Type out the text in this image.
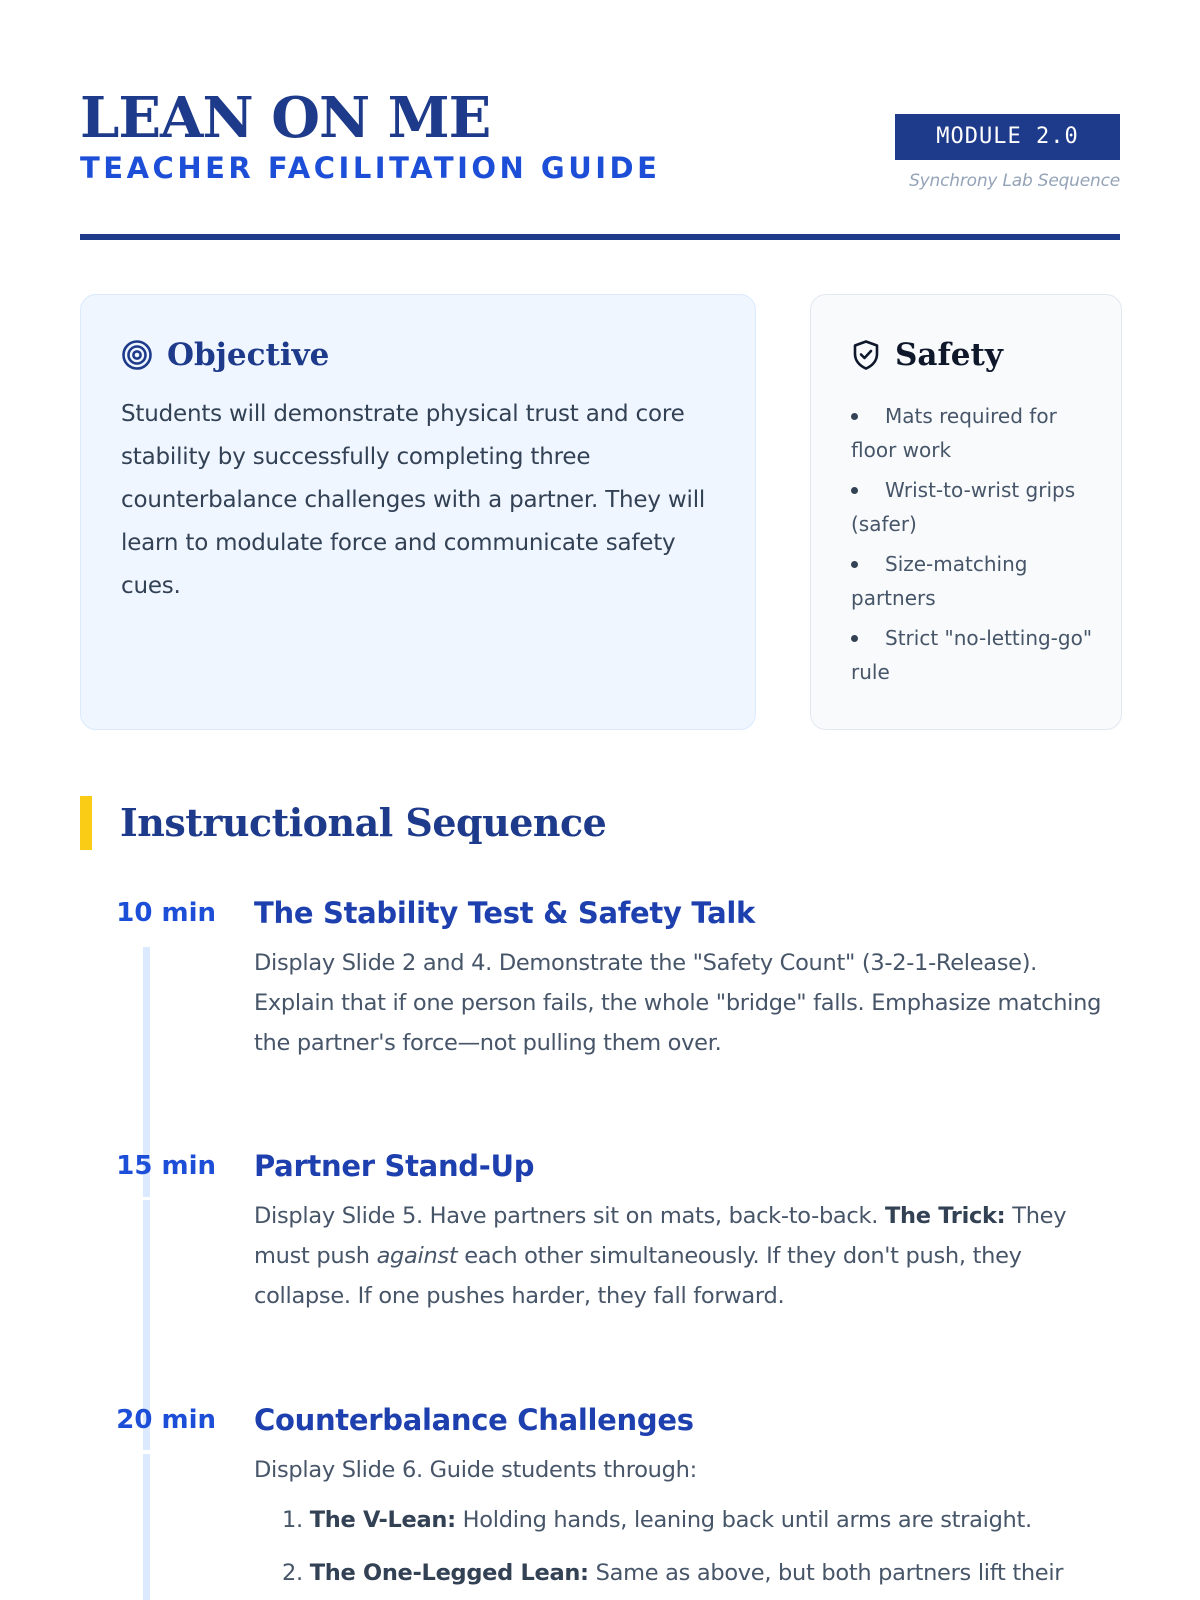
LEAN ON ME
TEACHER FACILITATION GUIDE
MODULE 2.0
Synchrony Lab Sequence
Objective
Students will demonstrate physical trust and core stability by successfully completing three counterbalance challenges with a partner. They will learn to modulate force and communicate safety cues.
Safety
Mats required for floor work
Wrist-to-wrist grips (safer)
Size-matching partners
Strict "no-letting-go" rule
Instructional Sequence
10 min The Stability Test & Safety Talk
Display Slide 2 and 4. Demonstrate the "Safety Count" (3-2-1-Release). Explain that if one person fails, the whole "bridge" falls. Emphasize matching the partner's force—not pulling them over.
15 min Partner Stand-Up
Display Slide 5. Have partners sit on mats, back-to-back. The Trick: They must push against each other simultaneously. If they don't push, they collapse. If one pushes harder, they fall forward.
20 min Counterbalance Challenges
Display Slide 6. Guide students through:
1. The V-Lean: Holding hands, leaning back until arms are straight.
2. The One-Legged Lean: Same as above, but both partners lift their
